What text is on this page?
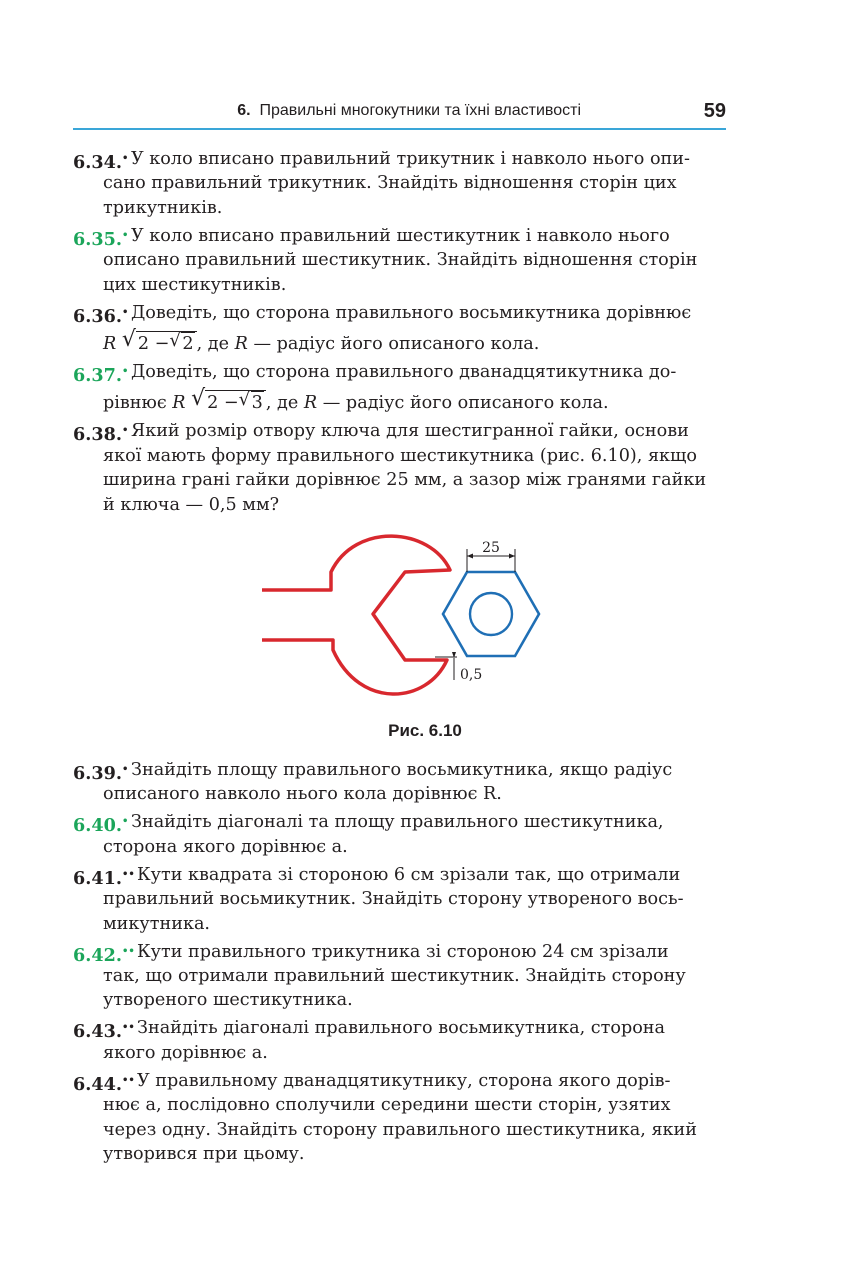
6. Правильні многокутники та їхні властивості	59
6.34.• У коло вписано правильний трикутник і навколо нього опи-
сано правильний трикутник. Знайдіть відношення сторін цих
трикутників.
6.35.• У коло вписано правильний шестикутник і навколо нього
описано правильний шестикутник. Знайдіть відношення сторін
цих шестикутників.
6.36.• Доведіть, що сторона правильного восьмикутника дорівнює

R √ 2 − √ 2 , де R — радіус його описаного кола.
6.37.• Доведіть, що сторона правильного дванадцятикутника до-

рівнює R √ 2 − √ 3 , де R — радіус його описаного кола.
6.38.• Який розмір отвору ключа для шестигранної гайки, основи
якої мають форму правильного шестикутника (рис. 6.10), якщо
ширина грані гайки дорівнює 25 мм, а зазор між гранями гайки
й ключа — 0,5 мм?
25
0,5
Рис. 6.10
6.39.• Знайдіть площу правильного восьмикутника, якщо радіус
описаного навколо нього кола дорівнює R.
6.40.• Знайдіть діагоналі та площу правильного шестикутника,
сторона якого дорівнює a.
6.41.•• Кути квадрата зі стороною 6 см зрізали так, що отримали
правильний восьмикутник. Знайдіть сторону утвореного вось-
микутника.
6.42.•• Кути правильного трикутника зі стороною 24 см зрізали
так, що отримали правильний шестикутник. Знайдіть сторону
утвореного шестикутника.
6.43.•• Знайдіть діагоналі правильного восьмикутника, сторона
якого дорівнює a.
6.44.•• У правильному дванадцятикутнику, сторона якого дорів-
нює a, послідовно сполучили середини шести сторін, узятих
через одну. Знайдіть сторону правильного шестикутника, який
утворився при цьому.
